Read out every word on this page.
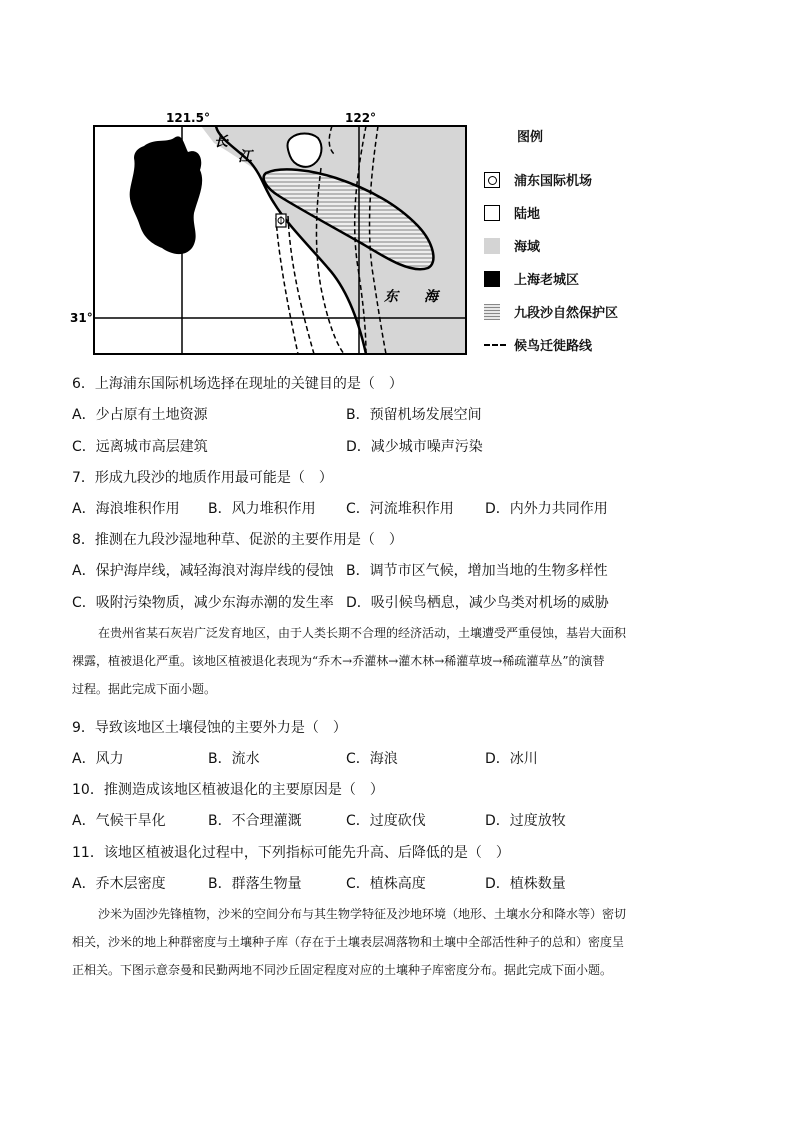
121.5°	122°
31°
长
江
东 海
图例
浦东国际机场
陆地
海域
上海老城区
九段沙自然保护区
候鸟迁徙路线
6．上海浦东国际机场选择在现址的关键目的是（　）
A．少占原有土地资源	B．预留机场发展空间
C．远离城市高层建筑	D．减少城市噪声污染
7．形成九段沙的地质作用最可能是（　）
A．海浪堆积作用 B．风力堆积作用 C．河流堆积作用 D．内外力共同作用
8．推测在九段沙湿地种草、促淤的主要作用是（　）
A．保护海岸线，减轻海浪对海岸线的侵蚀 B．调节市区气候，增加当地的生物多样性
C．吸附污染物质，减少东海赤潮的发生率 D．吸引候鸟栖息，减少鸟类对机场的威胁
在贵州省某石灰岩广泛发育地区，由于人类长期不合理的经济活动，土壤遭受严重侵蚀，基岩大面积
裸露，植被退化严重。该地区植被退化表现为“乔木→乔灌林→灌木林→稀灌草坡→稀疏灌草丛”的演替
过程。据此完成下面小题。
9．导致该地区土壤侵蚀的主要外力是（　）
A．风力	B．流水	C．海浪	D．冰川
10．推测造成该地区植被退化的主要原因是（　）
A．气候干旱化	B．不合理灌溉	C．过度砍伐	D．过度放牧
11．该地区植被退化过程中，下列指标可能先升高、后降低的是（　）
A．乔木层密度	B．群落生物量	C．植株高度	D．植株数量
沙米为固沙先锋植物，沙米的空间分布与其生物学特征及沙地环境（地形、土壤水分和降水等）密切
相关，沙米的地上种群密度与土壤种子库（存在于土壤表层凋落物和土壤中全部活性种子的总和）密度呈
正相关。下图示意奈曼和民勤两地不同沙丘固定程度对应的土壤种子库密度分布。据此完成下面小题。
